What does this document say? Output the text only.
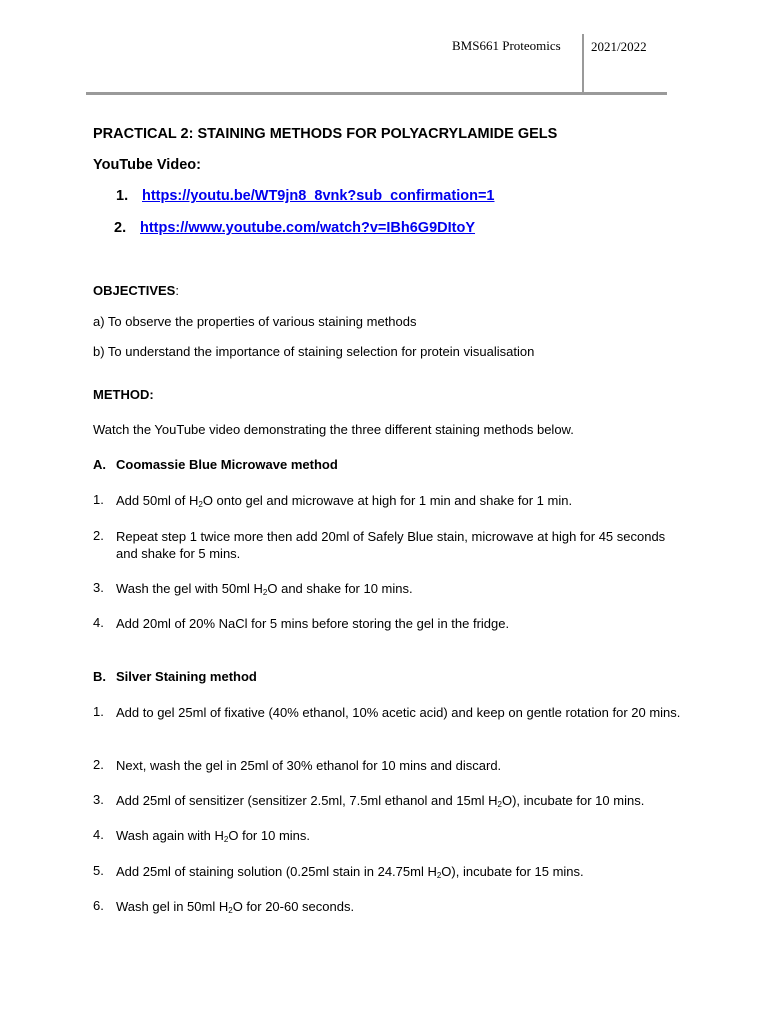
BMS661 Proteomics 2021/2022
PRACTICAL 2: STAINING METHODS FOR POLYACRYLAMIDE GELS
YouTube Video:
1. https://youtu.be/WT9jn8_8vnk?sub_confirmation=1
2. https://www.youtube.com/watch?v=IBh6G9DItoY
OBJECTIVES:
a) To observe the properties of various staining methods
b) To understand the importance of staining selection for protein visualisation
METHOD:
Watch the YouTube video demonstrating the three different staining methods below.
A. Coomassie Blue Microwave method
1. Add 50ml of $H_2O$ onto gel and microwave at high for 1 min and shake for 1 min.
2. Repeat step 1 twice more then add 20ml of Safely Blue stain, microwave at high for 45 seconds and shake for 5 mins.
3. Wash the gel with 50ml $H_2O$ and shake for 10 mins.
4. Add 20ml of 20% NaCl for 5 mins before storing the gel in the fridge.
B. Silver Staining method
1. Add to gel 25ml of fixative (40% ethanol, 10% acetic acid) and keep on gentle rotation for 20 mins.
2. Next, wash the gel in 25ml of 30% ethanol for 10 mins and discard.
3. Add 25ml of sensitizer (sensitizer 2.5ml, 7.5ml ethanol and 15ml $H_2O$), incubate for 10 mins.
4. Wash again with $H_2O$ for 10 mins.
5. Add 25ml of staining solution (0.25ml stain in 24.75ml $H_2O$), incubate for 15 mins.
6. Wash gel in 50ml $H_2O$ for 20-60 seconds.
